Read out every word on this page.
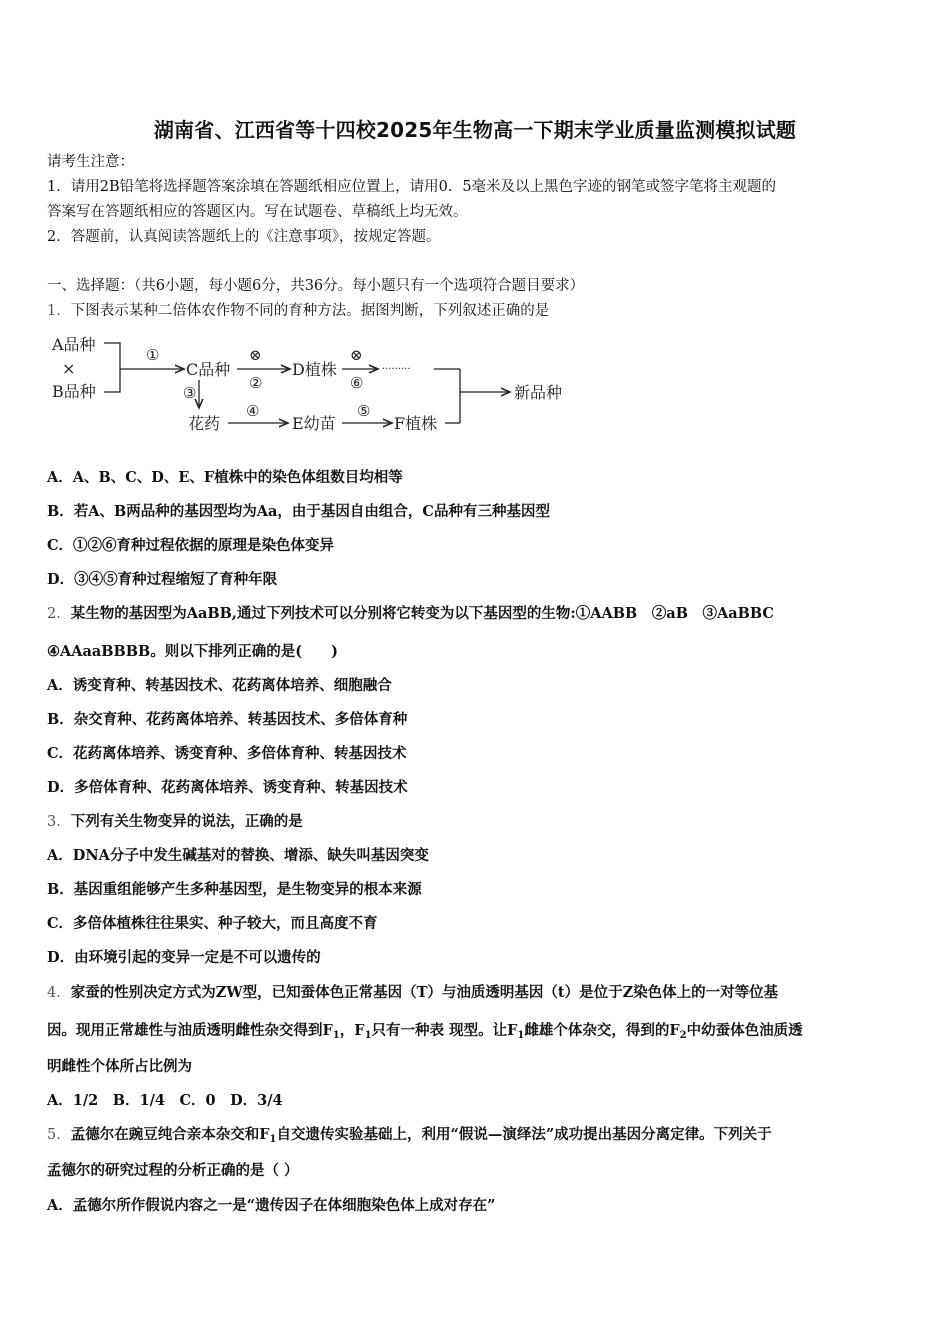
湖南省、江西省等十四校2025年生物高一下期末学业质量监测模拟试题
请考生注意：
1．请用2B铅笔将选择题答案涂填在答题纸相应位置上，请用0．5毫米及以上黑色字迹的钢笔或签字笔将主观题的
答案写在答题纸相应的答题区内。写在试题卷、草稿纸上均无效。
2．答题前，认真阅读答题纸上的《注意事项》，按规定答题。
一、选择题：（共6小题，每小题6分，共36分。每小题只有一个选项符合题目要求）
1．下图表示某种二倍体农作物不同的育种方法。据图判断，下列叙述正确的是
A品种
×
B品种
①
C品种
⊗
②
D植株
⊗
⑥
·········
新品种
③
花药
④
E幼苗
⑤
F植株
A．A、B、C、D、E、F植株中的染色体组数目均相等
B．若A、B两品种的基因型均为Aa，由于基因自由组合，C品种有三种基因型
C．①②⑥育种过程依据的原理是染色体变异
D．③④⑤育种过程缩短了育种年限
2．某生物的基因型为AaBB,通过下列技术可以分别将它转变为以下基因型的生物:①AABB　②aB　③AaBBC
④AAaaBBBB。则以下排列正确的是(　　)
A．诱变育种、转基因技术、花药离体培养、细胞融合
B．杂交育种、花药离体培养、转基因技术、多倍体育种
C．花药离体培养、诱变育种、多倍体育种、转基因技术
D．多倍体育种、花药离体培养、诱变育种、转基因技术
3．下列有关生物变异的说法，正确的是
A．DNA分子中发生碱基对的替换、增添、缺失叫基因突变
B．基因重组能够产生多种基因型，是生物变异的根本来源
C．多倍体植株往往果实、种子较大，而且高度不育
D．由环境引起的变异一定是不可以遗传的
4．家蚕的性别决定方式为ZW型，已知蚕体色正常基因（T）与油质透明基因（t）是位于Z染色体上的一对等位基
因。现用正常雄性与油质透明雌性杂交得到$F_1$，$F_1$只有一种表 现型。让$F_1$雌雄个体杂交，得到的$F_2$中幼蚕体色油质透
明雌性个体所占比例为
A．1/2　B．1/4　C．0　D．3/4
5．孟德尔在豌豆纯合亲本杂交和$F_1$自交遗传实验基础上，利用“假说—演绎法”成功提出基因分离定律。下列关于
孟德尔的研究过程的分析正确的是（ ）
A．孟德尔所作假说内容之一是“遗传因子在体细胞染色体上成对存在”
